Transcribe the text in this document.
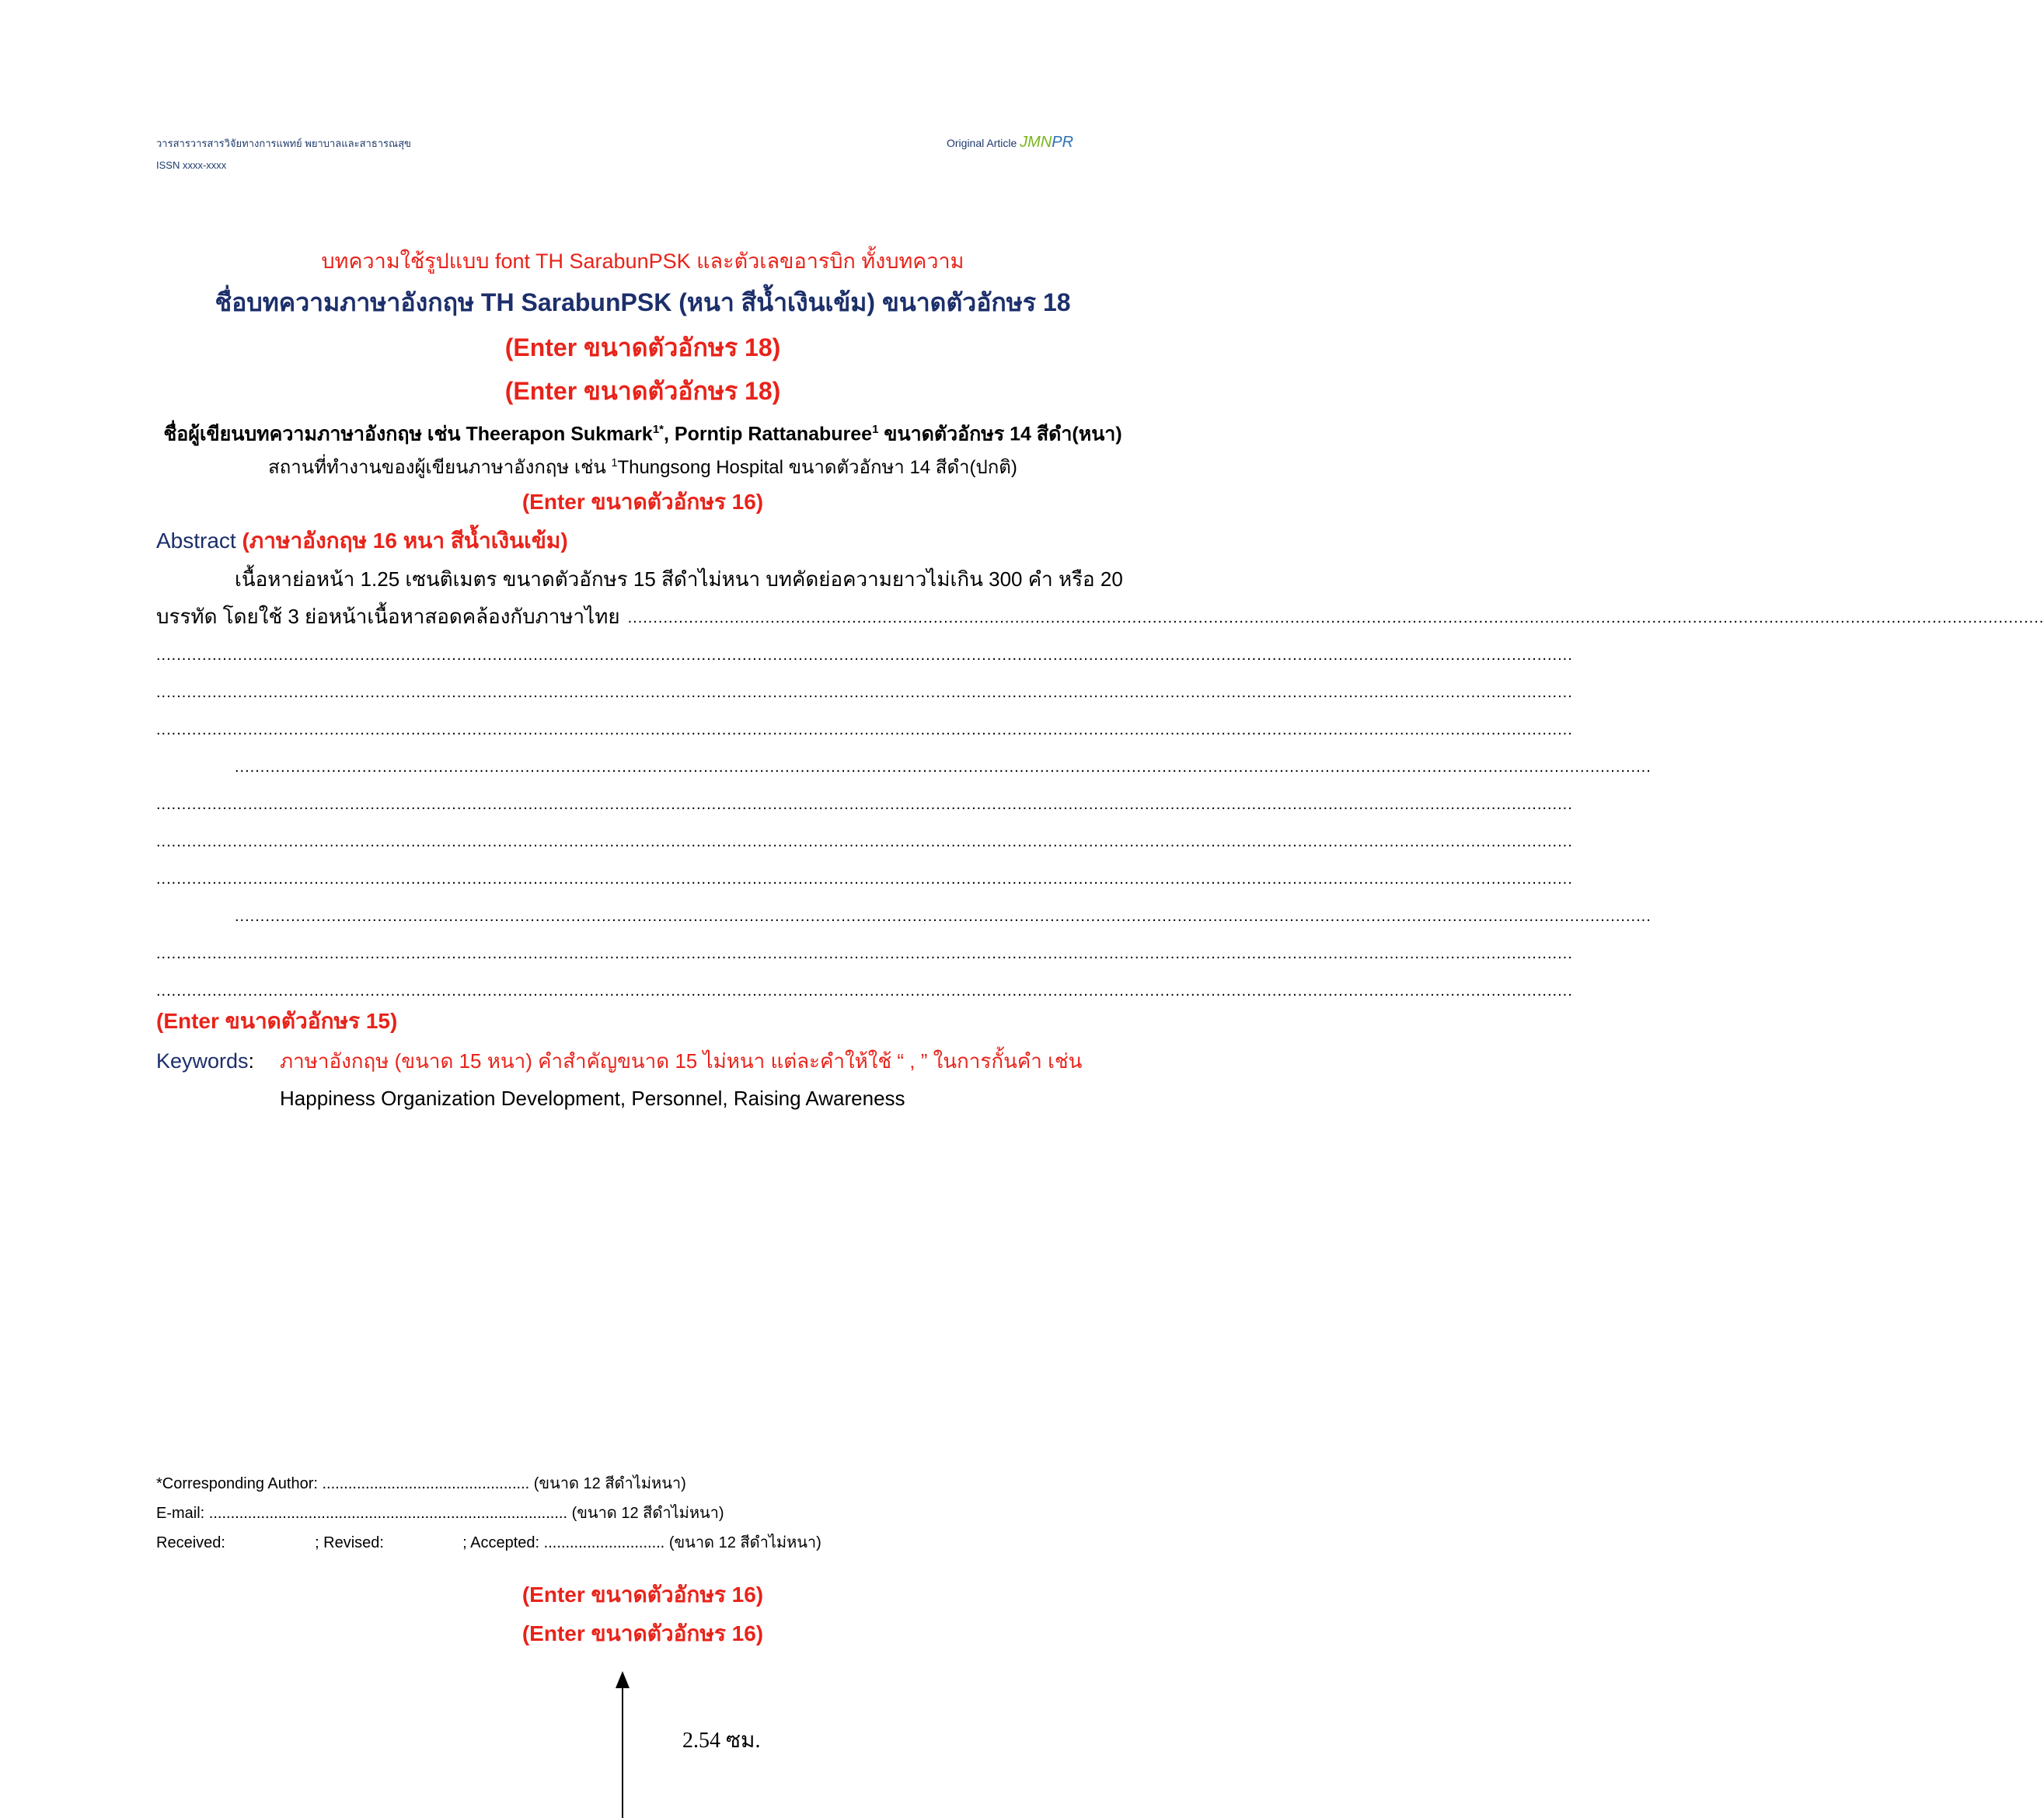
วารสารวารสารวิจัยทางการแพทย์ พยาบาลและสาธารณสุข
ISSN xxxx-xxxx
Original Article JMNPR
บทความใช้รูปแบบ font TH SarabunPSK และตัวเลขอารบิก ทั้งบทความ
ชื่อบทความภาษาอังกฤษ TH SarabunPSK (หนา สีน้ำเงินเข้ม) ขนาดตัวอักษร 18
(Enter ขนาดตัวอักษร 18)
(Enter ขนาดตัวอักษร 18)
ชื่อผู้เขียนบทความภาษาอังกฤษ เช่น Theerapon Sukmark$^{1*}$, Porntip Rattanaburee$^1$ ขนาดตัวอักษร 14 สีดำ(หนา)
สถานที่ทำงานของผู้เขียนภาษาอังกฤษ เช่น $^1$Thungsong Hospital ขนาดตัวอักษา 14 สีดำ(ปกติ)
(Enter ขนาดตัวอักษร 16)
Abstract (ภาษาอังกฤษ 16 หนา สีน้ำเงินเข้ม)
เนื้อหาย่อหน้า 1.25 เซนติเมตร ขนาดตัวอักษร 15 สีดำไม่หนา บทคัดย่อความยาวไม่เกิน 300 คำ หรือ 20
บรรทัด โดยใช้ 3 ย่อหน้าเนื้อหาสอดคล้องกับภาษาไทย ......................................................................................................................................................................................................................................................................................
......................................................................................................................................................................................................................................................................................
......................................................................................................................................................................................................................................................................................
......................................................................................................................................................................................................................................................................................
......................................................................................................................................................................................................................................................................................
......................................................................................................................................................................................................................................................................................
......................................................................................................................................................................................................................................................................................
......................................................................................................................................................................................................................................................................................
......................................................................................................................................................................................................................................................................................
......................................................................................................................................................................................................................................................................................
......................................................................................................................................................................................................................................................................................
(Enter ขนาดตัวอักษร 15)
Keywords: ภาษาอังกฤษ (ขนาด 15 หนา) คำสำคัญขนาด 15 ไม่หนา แต่ละคำให้ใช้ “ , ” ในการกั้นคำ เช่น
Happiness Organization Development, Personnel, Raising Awareness
*Corresponding Author: ................................................ (ขนาด 12 สีดำไม่หนา)
E-mail: ................................................................................... (ขนาด 12 สีดำไม่หนา)
Received:	; Revised:	; Accepted: ............................ (ขนาด 12 สีดำไม่หนา)
(Enter ขนาดตัวอักษร 16)
(Enter ขนาดตัวอักษร 16)
2.54 ซม.
